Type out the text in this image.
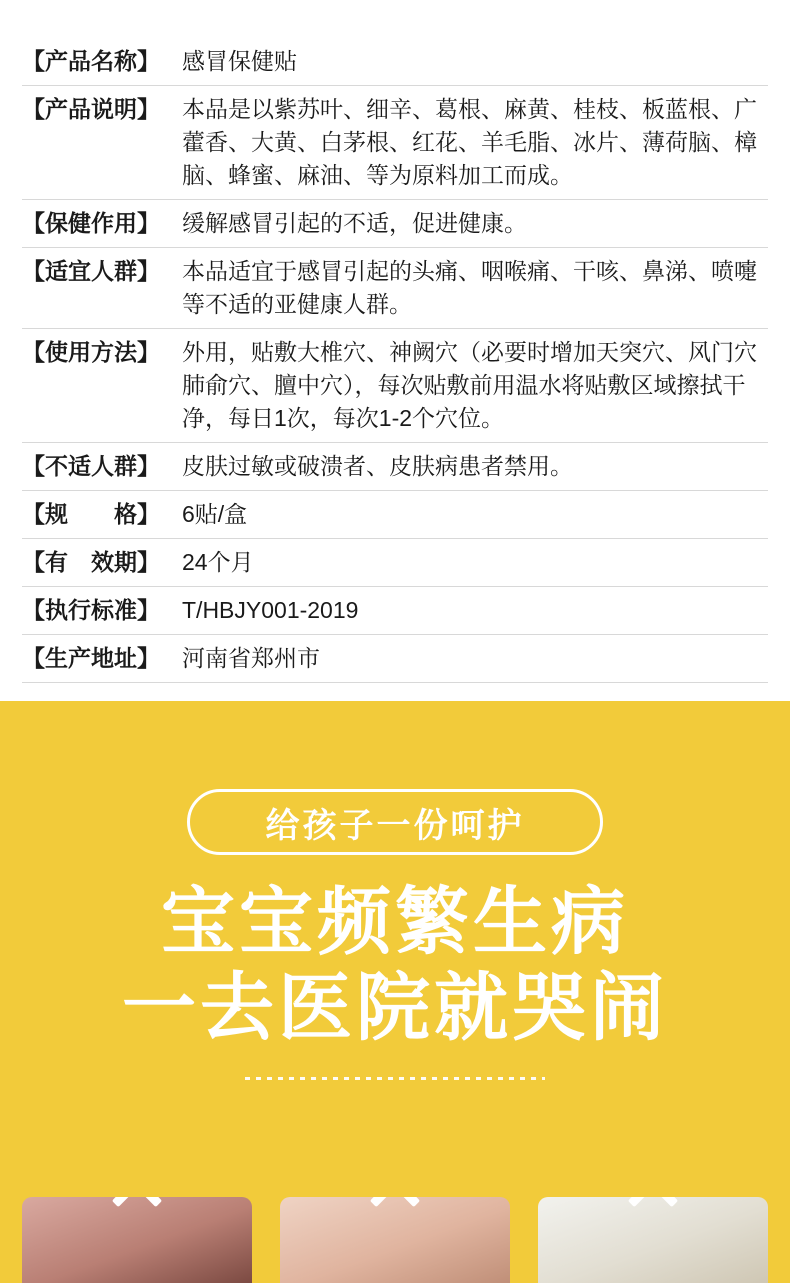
【产品名称】	感冒保健贴
【产品说明】	本品是以紫苏叶、细辛、葛根、麻黄、桂枝、板蓝根、广藿香、大黄、白茅根、红花、羊毛脂、冰片、薄荷脑、樟脑、蜂蜜、麻油、等为原料加工而成。
【保健作用】	缓解感冒引起的不适，促进健康。
【适宜人群】	本品适宜于感冒引起的头痛、咽喉痛、干咳、鼻涕、喷嚏等不适的亚健康人群。
【使用方法】	外用，贴敷大椎穴、神阙穴（必要时增加天突穴、风门穴肺俞穴、膻中穴），每次贴敷前用温水将贴敷区域擦拭干净，每日1次，每次1-2个穴位。
【不适人群】	皮肤过敏或破溃者、皮肤病患者禁用。
【规　　格】	6贴/盒
【有　效期】	24个月
【执行标准】	T/HBJY001-2019
【生产地址】	河南省郑州市
给孩子一份呵护
宝宝频繁生病
一去医院就哭闹
